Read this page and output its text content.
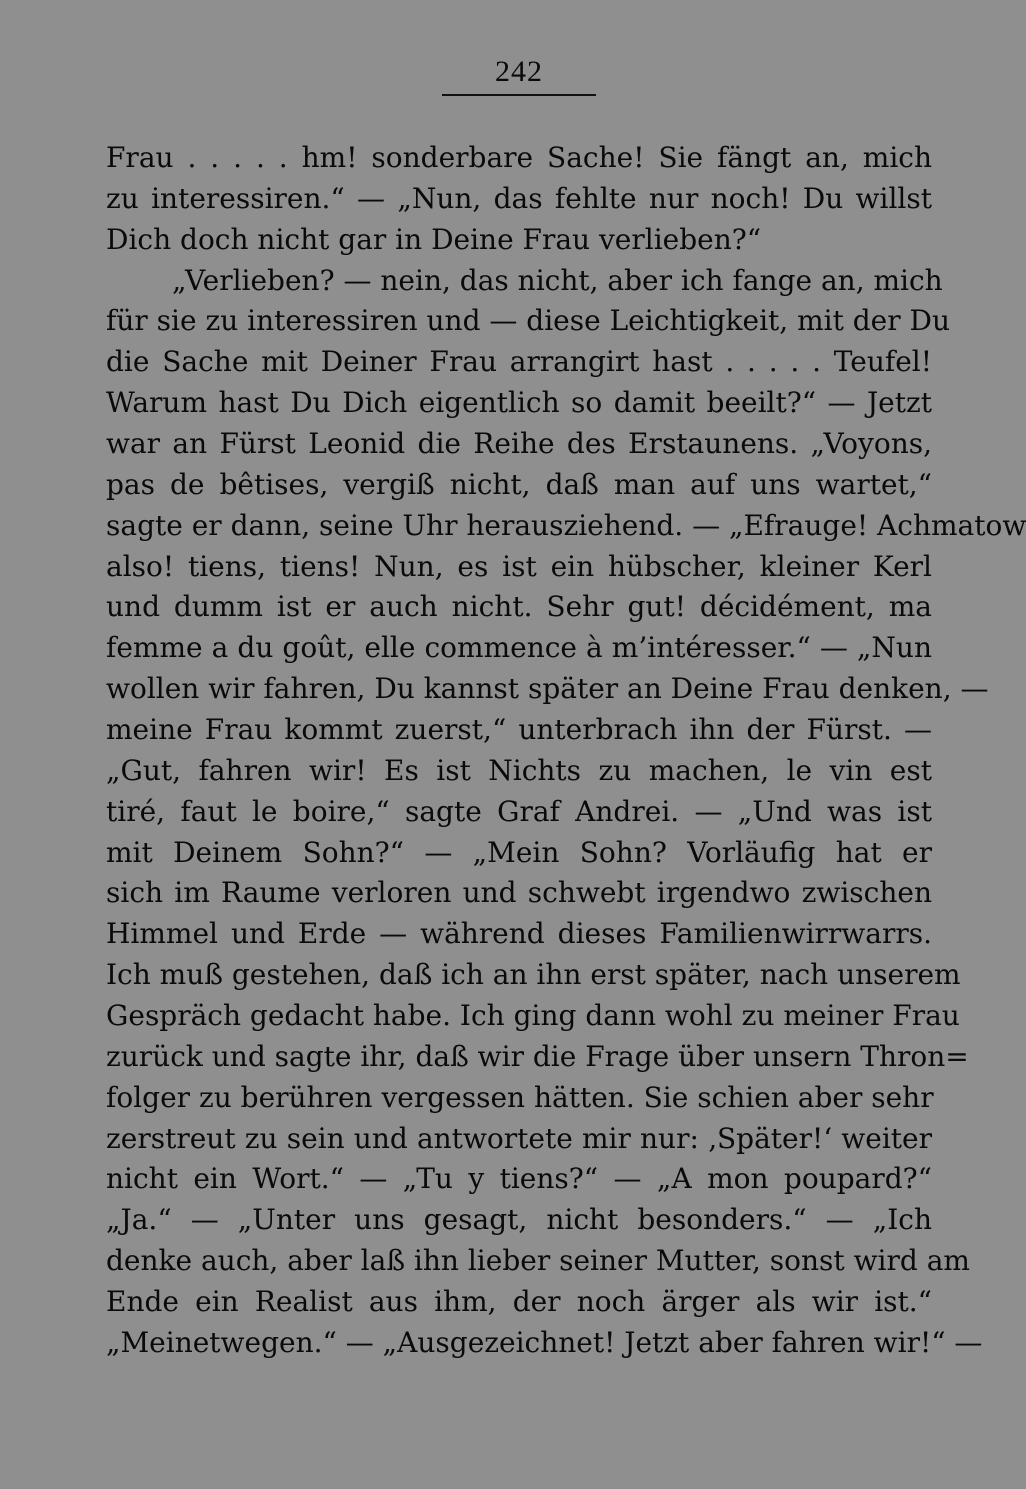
242
Frau . . . . . hm! sonderbare Sache! Sie fängt an, mich
zu interessiren.“ — „Nun, das fehlte nur noch! Du willst
Dich doch nicht gar in Deine Frau verlieben?“
„Verlieben? — nein, das nicht, aber ich fange an, mich
für sie zu interessiren und — diese Leichtigkeit, mit der Du
die Sache mit Deiner Frau arrangirt hast . . . . . Teufel!
Warum hast Du Dich eigentlich so damit beeilt?“ — Jetzt
war an Fürst Leonid die Reihe des Erstaunens. „Voyons,
pas de bêtises, vergiß nicht, daß man auf uns wartet,“
sagte er dann, seine Uhr herausziehend. — „Efrauge! Achmatow
also! tiens, tiens! Nun, es ist ein hübscher, kleiner Kerl
und dumm ist er auch nicht. Sehr gut! décidément, ma
femme a du goût, elle commence à m’intéresser.“ — „Nun
wollen wir fahren, Du kannst später an Deine Frau denken, —
meine Frau kommt zuerst,“ unterbrach ihn der Fürst. —
„Gut, fahren wir! Es ist Nichts zu machen, le vin est
tiré, faut le boire,“ sagte Graf Andrei. — „Und was ist
mit Deinem Sohn?“ — „Mein Sohn? Vorläufig hat er
sich im Raume verloren und schwebt irgendwo zwischen
Himmel und Erde — während dieses Familienwirrwarrs.
Ich muß gestehen, daß ich an ihn erst später, nach unserem
Gespräch gedacht habe. Ich ging dann wohl zu meiner Frau
zurück und sagte ihr, daß wir die Frage über unsern Thron=
folger zu berühren vergessen hätten. Sie schien aber sehr
zerstreut zu sein und antwortete mir nur: ‚Später!‘ weiter
nicht ein Wort.“ — „Tu y tiens?“ — „A mon poupard?“
„Ja.“ — „Unter uns gesagt, nicht besonders.“ — „Ich
denke auch, aber laß ihn lieber seiner Mutter, sonst wird am
Ende ein Realist aus ihm, der noch ärger als wir ist.“
„Meinetwegen.“ — „Ausgezeichnet! Jetzt aber fahren wir!“ —
